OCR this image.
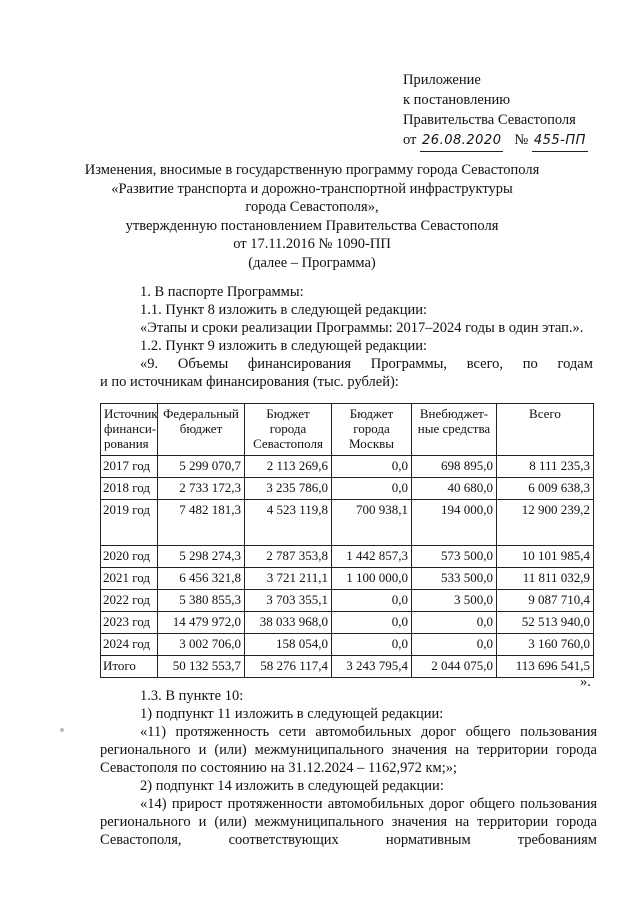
Приложение
к постановлению
Правительства Севастополя
от 26.08.2020 № 455-ПП
Изменения, вносимые в государственную программу города Севастополя
«Развитие транспорта и дорожно-транспортной инфраструктуры
города Севастополя»,
утвержденную постановлением Правительства Севастополя
от 17.11.2016 № 1090-ПП
(далее – Программа)
1. В паспорте Программы:
1.1. Пункт 8 изложить в следующей редакции:
«Этапы и сроки реализации Программы: 2017–2024 годы в один этап.».
1.2. Пункт 9 изложить в следующей редакции:
«9. Объемы финансирования Программы, всего, по годам
и по источникам финансирования (тыс. рублей):
Источник финанси-рования	Федеральный бюджет	Бюджет города Севастополя	Бюджет города Москвы	Внебюджет-ные средства	Всего
2017 год	5 299 070,7	2 113 269,6	0,0	698 895,0	8 111 235,3
2018 год	2 733 172,3	3 235 786,0	0,0	40 680,0	6 009 638,3
2019 год	7 482 181,3	4 523 119,8	700 938,1	194 000,0	12 900 239,2
2020 год	5 298 274,3	2 787 353,8	1 442 857,3	573 500,0	10 101 985,4
2021 год	6 456 321,8	3 721 211,1	1 100 000,0	533 500,0	11 811 032,9
2022 год	5 380 855,3	3 703 355,1	0,0	3 500,0	9 087 710,4
2023 год	14 479 972,0	38 033 968,0	0,0	0,0	52 513 940,0
2024 год	3 002 706,0	158 054,0	0,0	0,0	3 160 760,0
Итого	50 132 553,7	58 276 117,4	3 243 795,4	2 044 075,0	113 696 541,5
».
1.3. В пункте 10:
1) подпункт 11 изложить в следующей редакции:
«11) протяженность сети автомобильных дорог общего пользования
регионального и (или) межмуниципального значения на территории города
Севастополя по состоянию на 31.12.2024 – 1162,972 км;»;
2) подпункт 14 изложить в следующей редакции:
«14) прирост протяженности автомобильных дорог общего пользования
регионального и (или) межмуниципального значения на территории города
Севастополя,	соответствующих	нормативным	требованиям
